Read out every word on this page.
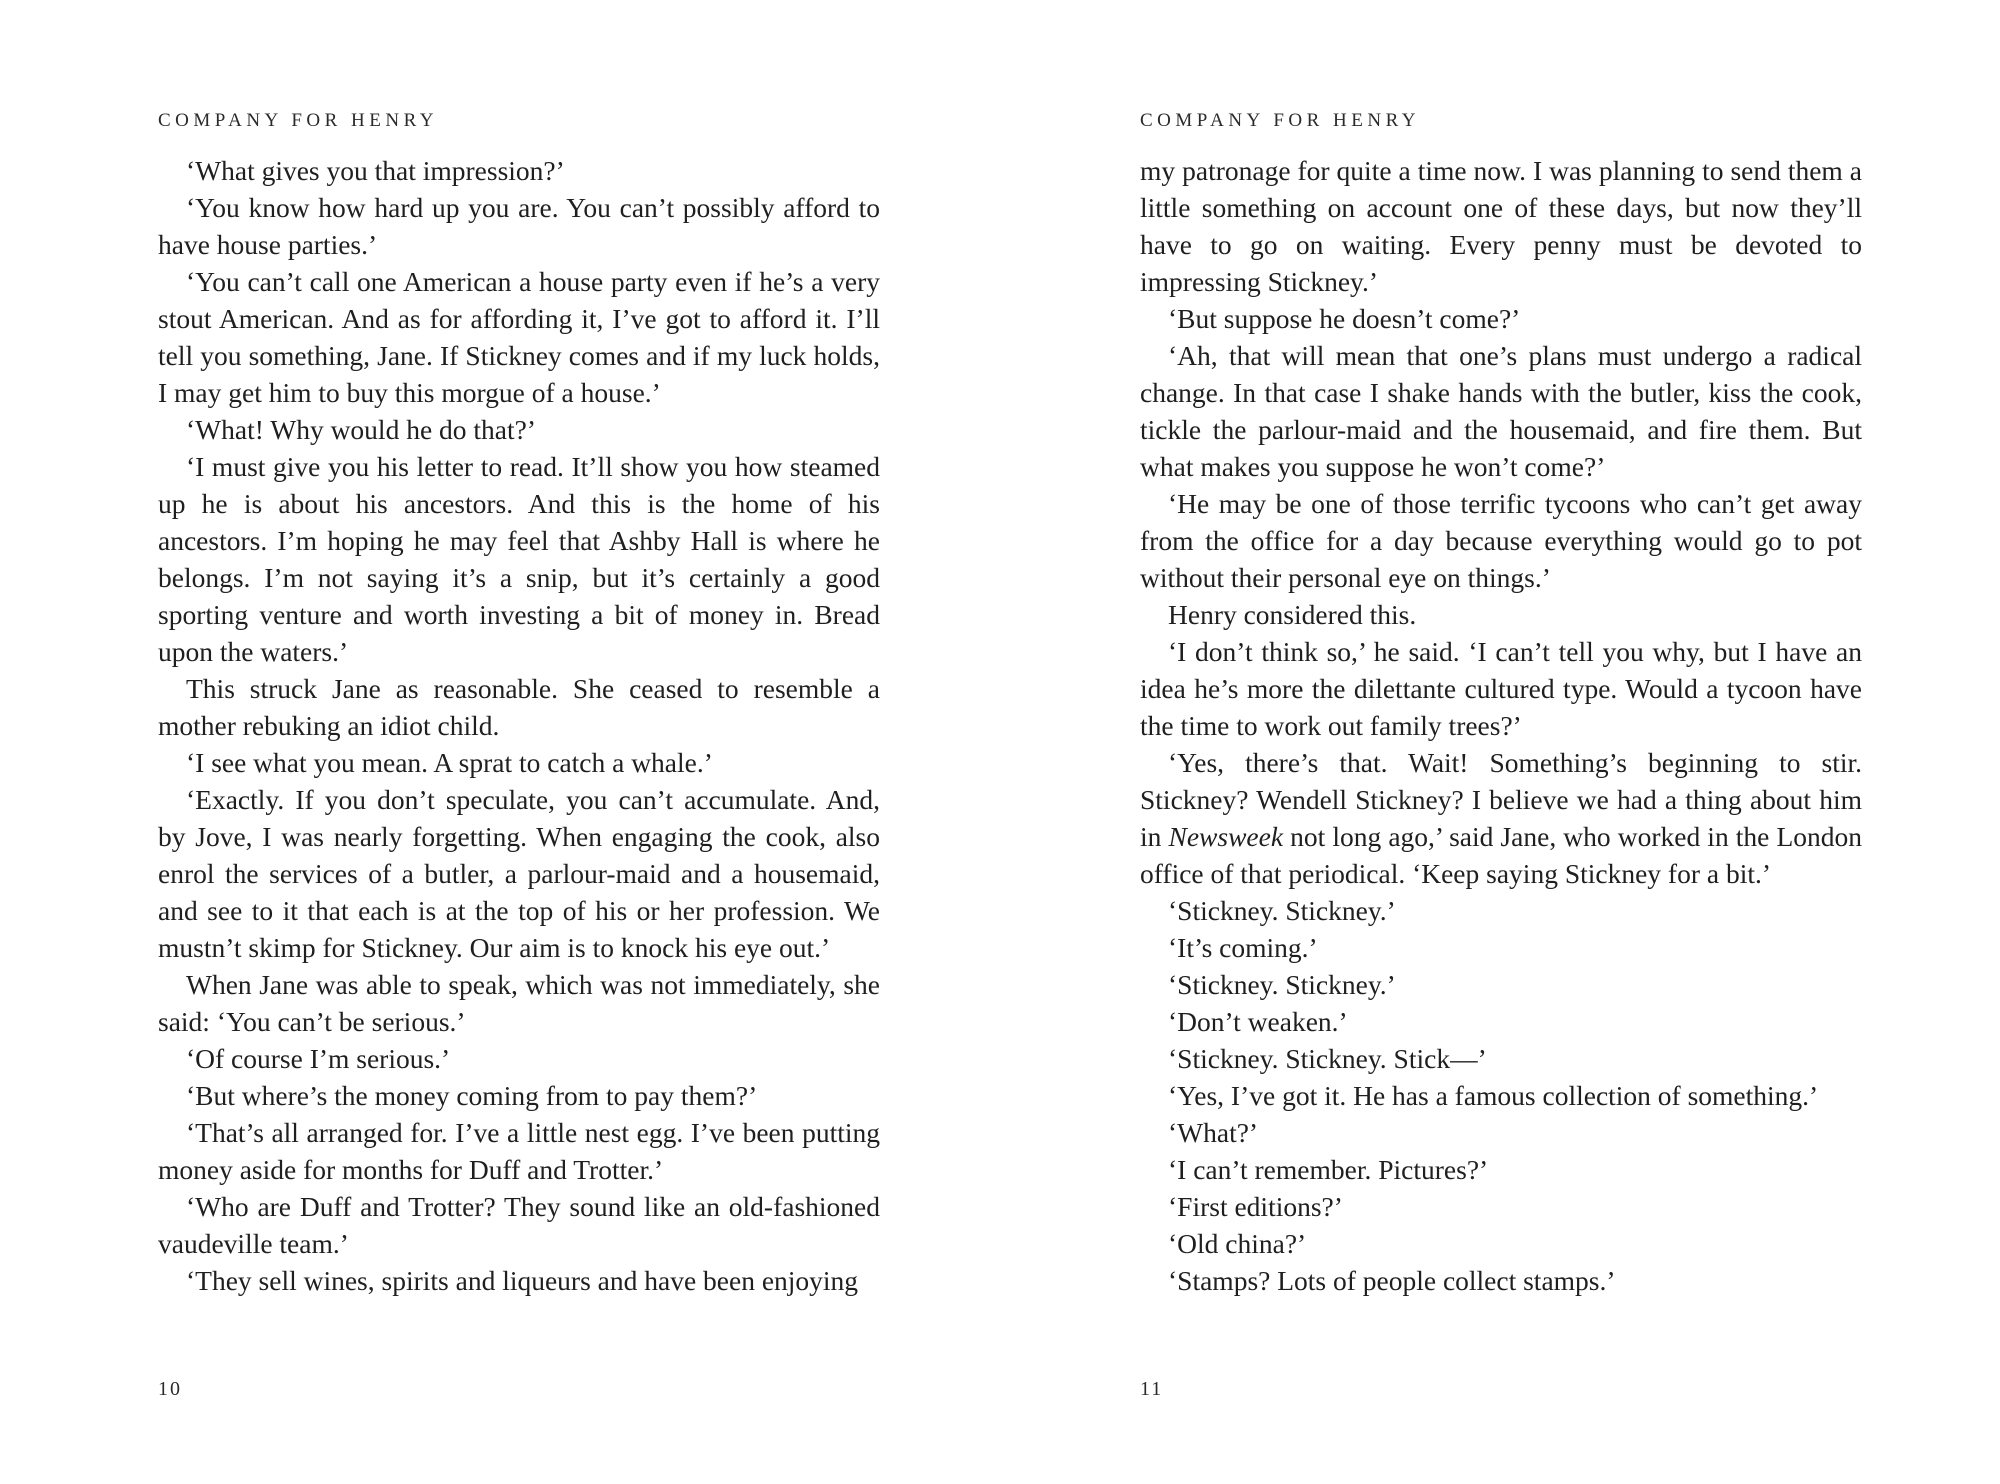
COMPANY FOR HENRY

‘What gives you that impression?’

‘You know how hard up you are. You can’t possibly afford to have house parties.’

‘You can’t call one American a house party even if he’s a very stout American. And as for affording it, I’ve got to afford it. I’ll tell you something, Jane. If Stickney comes and if my luck holds, I may get him to buy this morgue of a house.’

‘What! Why would he do that?’

‘I must give you his letter to read. It’ll show you how steamed up he is about his ancestors. And this is the home of his ancestors. I’m hoping he may feel that Ashby Hall is where he belongs. I’m not saying it’s a snip, but it’s certainly a good sporting venture and worth investing a bit of money in. Bread upon the waters.’

This struck Jane as reasonable. She ceased to resemble a mother rebuking an idiot child.

‘I see what you mean. A sprat to catch a whale.’

‘Exactly. If you don’t speculate, you can’t accumulate. And, by Jove, I was nearly forgetting. When engaging the cook, also enrol the services of a butler, a parlour-maid and a housemaid, and see to it that each is at the top of his or her profession. We mustn’t skimp for Stickney. Our aim is to knock his eye out.’

When Jane was able to speak, which was not immediately, she said: ‘You can’t be serious.’

‘Of course I’m serious.’

‘But where’s the money coming from to pay them?’

‘That’s all arranged for. I’ve a little nest egg. I’ve been putting money aside for months for Duff and Trotter.’

‘Who are Duff and Trotter? They sound like an old-fashioned vaudeville team.’

‘They sell wines, spirits and liqueurs and have been enjoying

10
COMPANY FOR HENRY

my patronage for quite a time now. I was planning to send them a little something on account one of these days, but now they’ll have to go on waiting. Every penny must be devoted to impressing Stickney.’

‘But suppose he doesn’t come?’

‘Ah, that will mean that one’s plans must undergo a radical change. In that case I shake hands with the butler, kiss the cook, tickle the parlour-maid and the housemaid, and fire them. But what makes you suppose he won’t come?’

‘He may be one of those terrific tycoons who can’t get away from the office for a day because everything would go to pot without their personal eye on things.’

Henry considered this.

‘I don’t think so,’ he said. ‘I can’t tell you why, but I have an idea he’s more the dilettante cultured type. Would a tycoon have the time to work out family trees?’

‘Yes, there’s that. Wait! Something’s beginning to stir. Stickney? Wendell Stickney? I believe we had a thing about him in Newsweek not long ago,’ said Jane, who worked in the London office of that periodical. ‘Keep saying Stickney for a bit.’

‘Stickney. Stickney.’

‘It’s coming.’

‘Stickney. Stickney.’

‘Don’t weaken.’

‘Stickney. Stickney. Stick—’

‘Yes, I’ve got it. He has a famous collection of something.’

‘What?’

‘I can’t remember. Pictures?’

‘First editions?’

‘Old china?’

‘Stamps? Lots of people collect stamps.’

11
